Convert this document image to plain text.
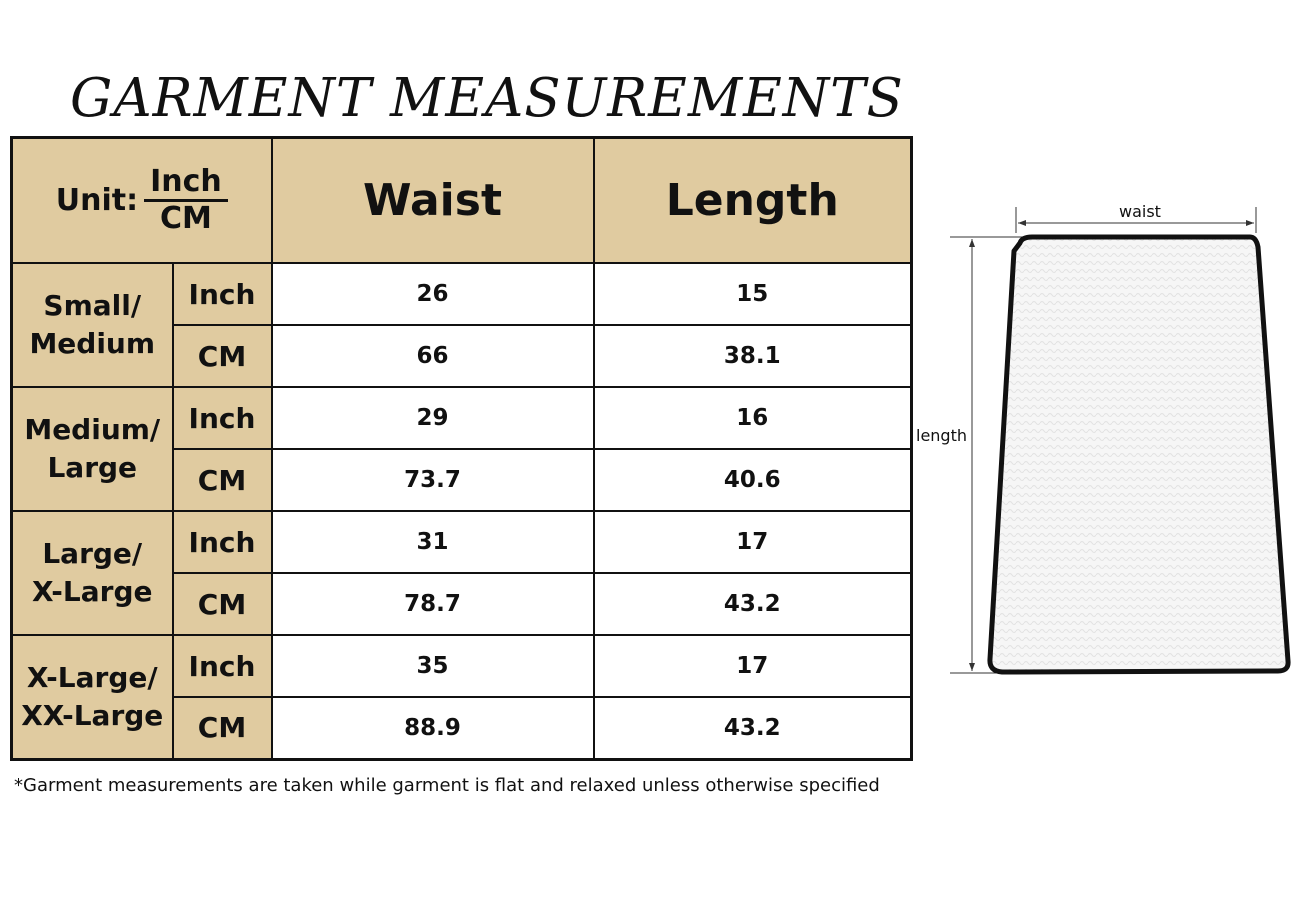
GARMENT MEASUREMENTS
Unit: $\frac{\text{Inch}}{CM}$		Waist	Length

Small/
Medium	Inch	26	15
	CM	66	38.1

Medium/
Large	Inch	29	16
	CM	73.7	40.6

Large/
X-Large	Inch	31	17
	CM	78.7	43.2

X-Large/
XX-Large	Inch	35	17
	CM	88.9	43.2
*Garment measurements are taken while garment is flat and relaxed unless otherwise specified
waist
length
